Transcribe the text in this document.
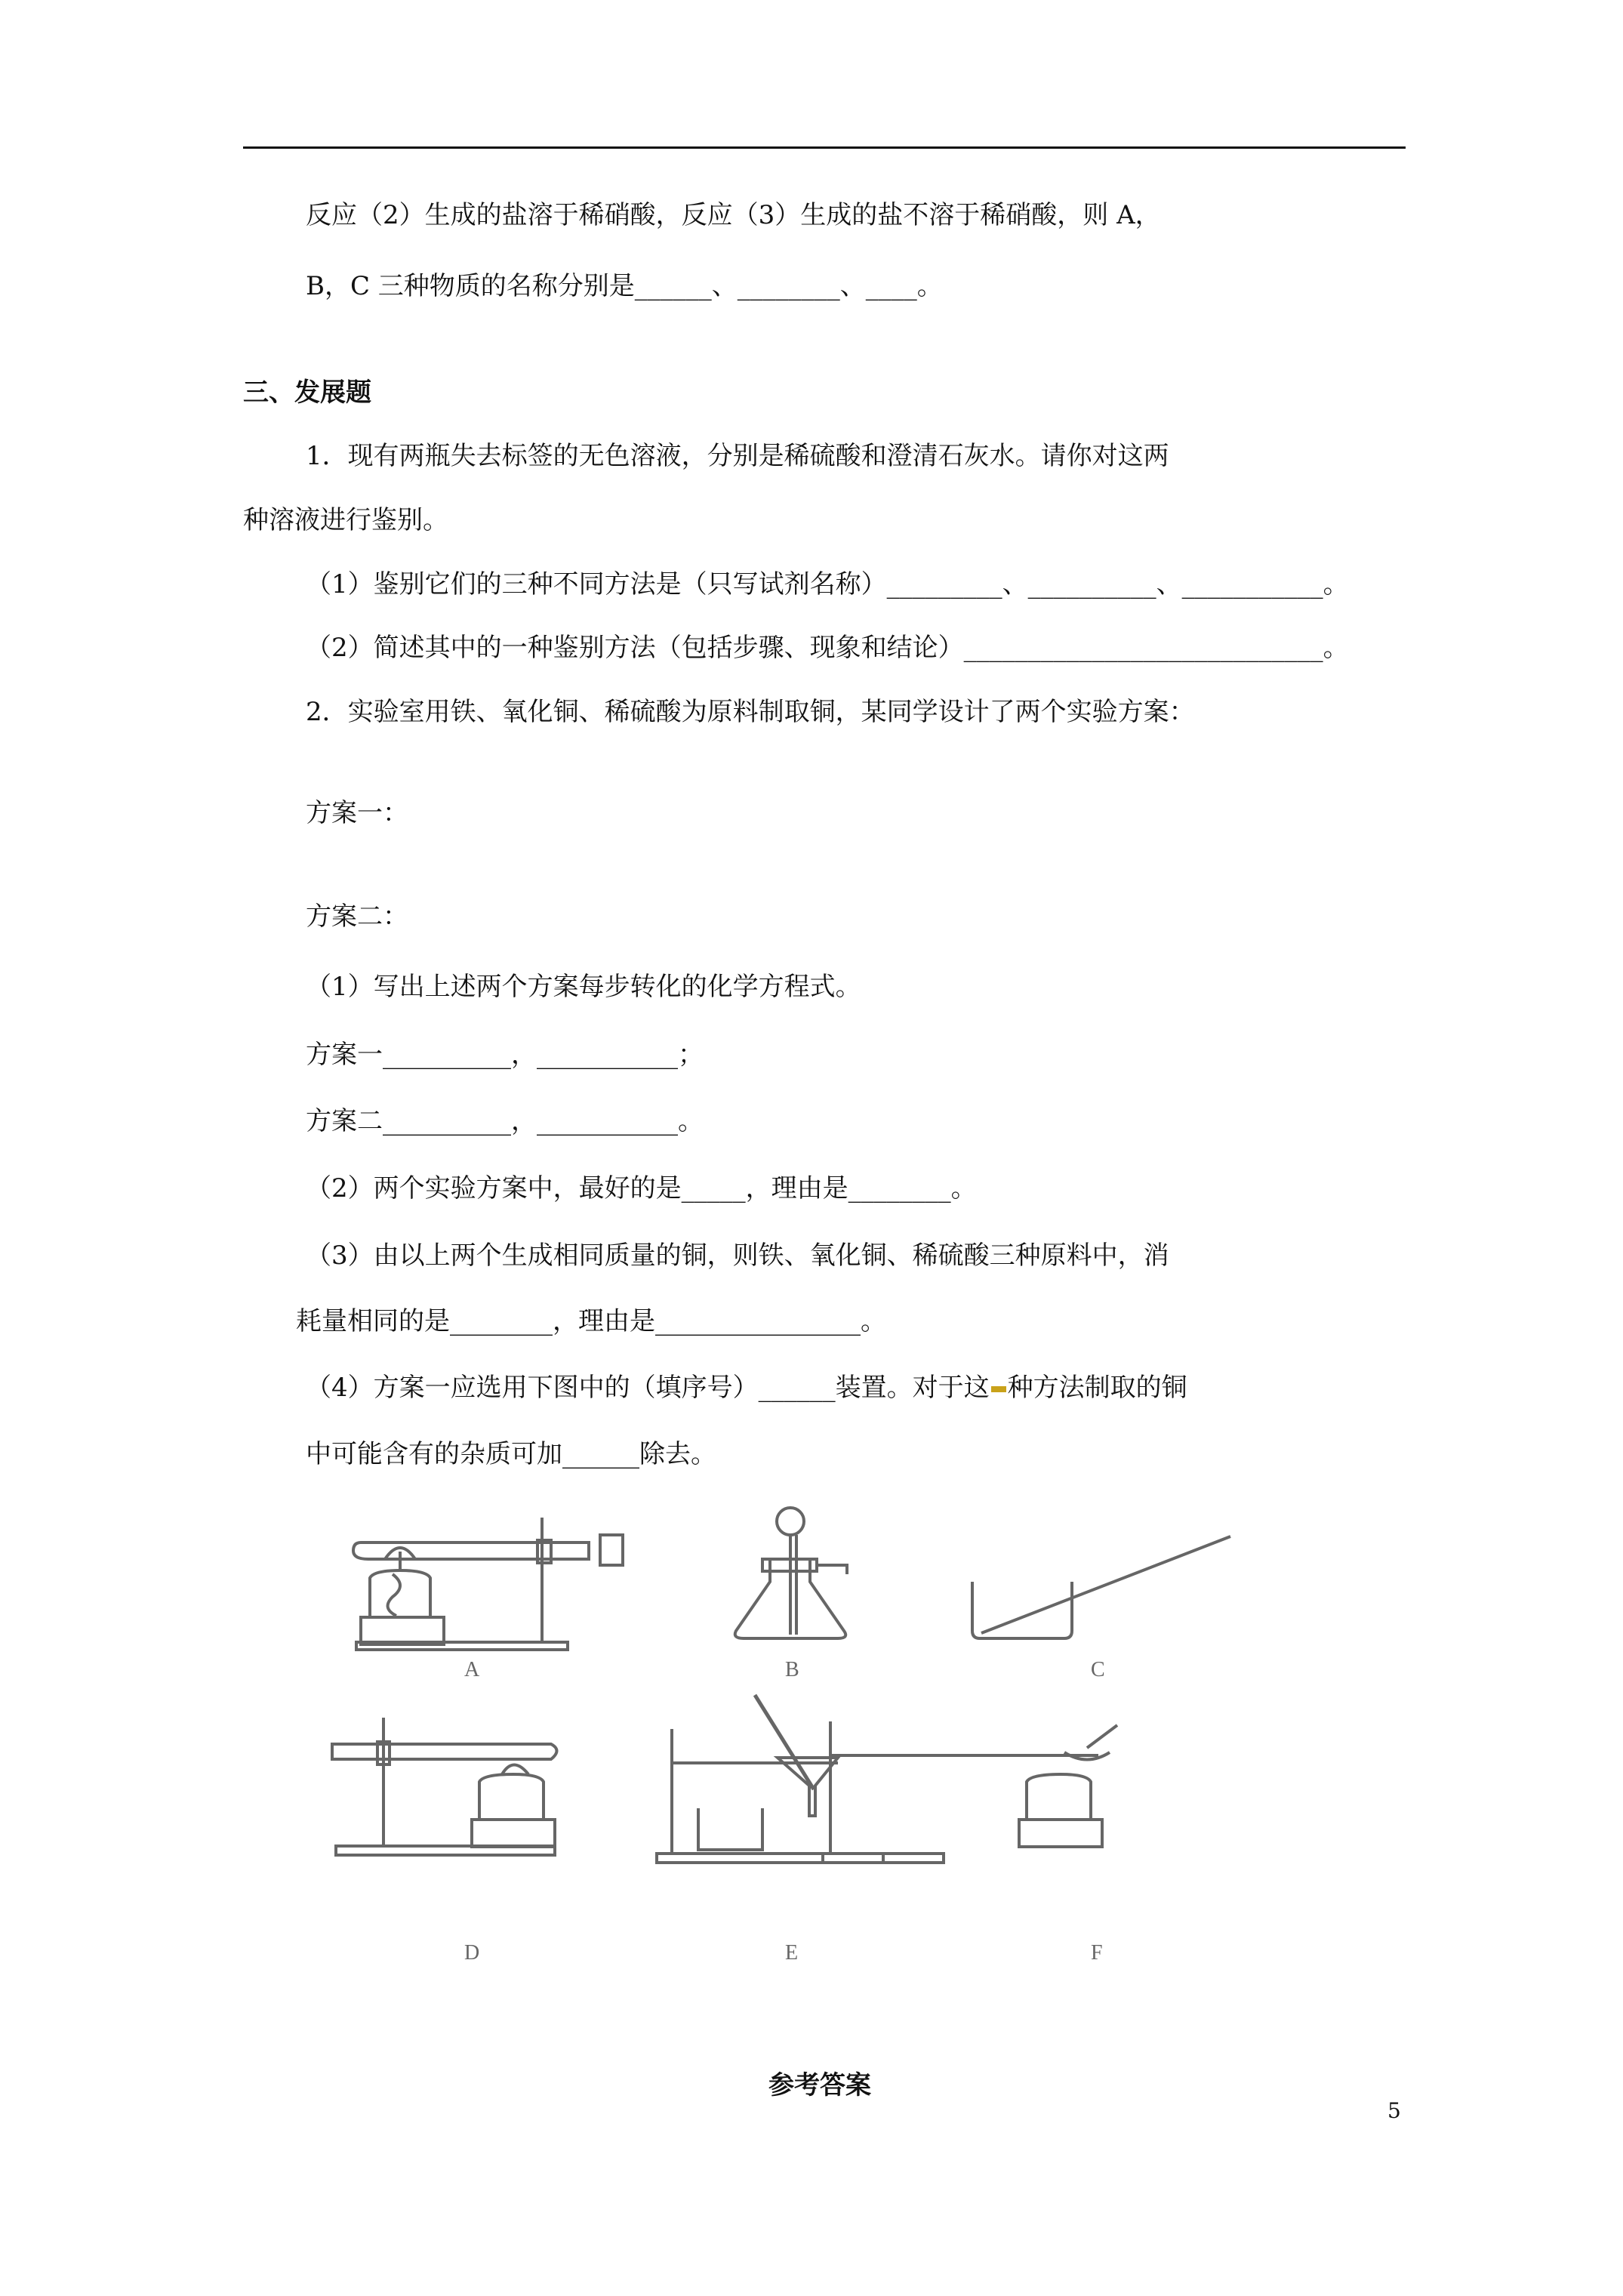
反应（2）生成的盐溶于稀硝酸，反应（3）生成的盐不溶于稀硝酸，则 A，
B，C 三种物质的名称分别是______、________、____。
三、发展题
1．现有两瓶失去标签的无色溶液，分别是稀硫酸和澄清石灰水。请你对这两
种溶液进行鉴别。
（1）鉴别它们的三种不同方法是（只写试剂名称）_________、__________、___________。
（2）简述其中的一种鉴别方法（包括步骤、现象和结论）____________________________。
2．实验室用铁、氧化铜、稀硫酸为原料制取铜，某同学设计了两个实验方案：
方案一：
方案二：
（1）写出上述两个方案每步转化的化学方程式。
方案一__________，___________；
方案二__________，___________。
（2）两个实验方案中，最好的是_____，理由是________。
（3）由以上两个生成相同质量的铜，则铁、氧化铜、稀硫酸三种原料中，消
耗量相同的是________，理由是________________。
（4）方案一应选用下图中的（填序号）______装置。对于这 种方法制取的铜
中可能含有的杂质可加______除去。
A	B	C
D	E	F
参考答案
5
